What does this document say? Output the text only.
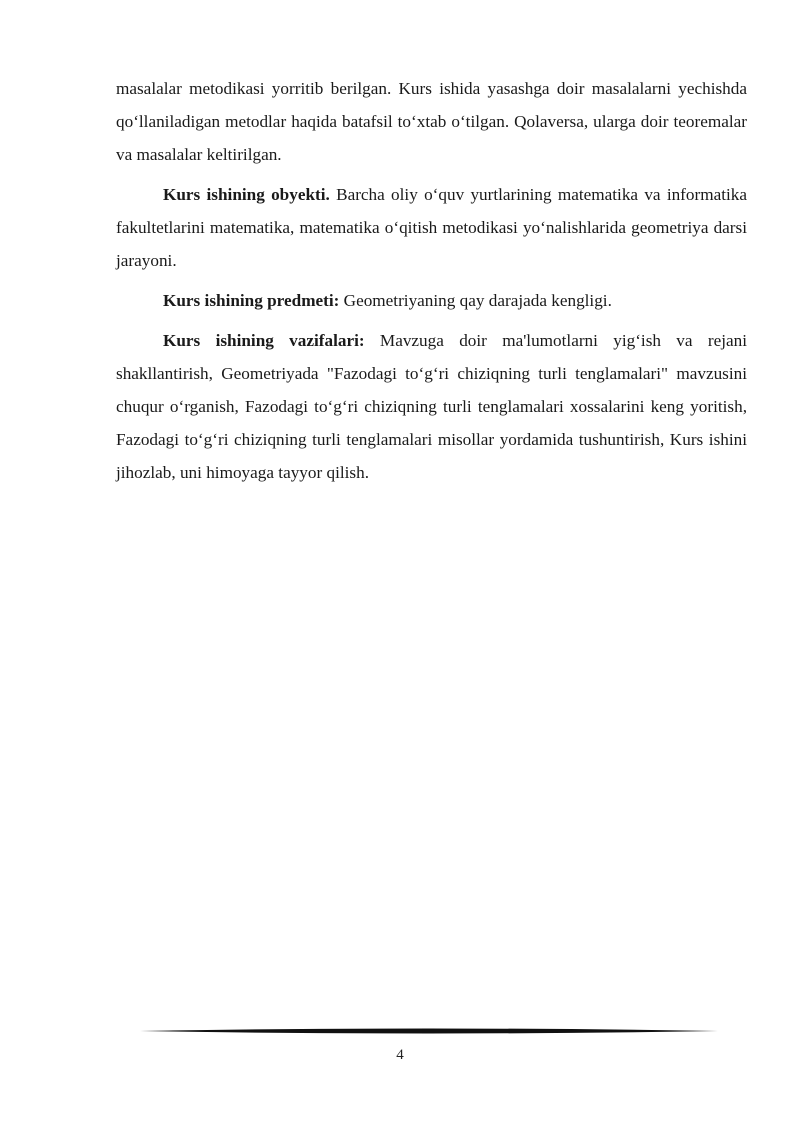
masalalar metodikasi yorritib berilgan. Kurs ishida yasashga doir masalalarni yechishda qo‘llaniladigan metodlar haqida batafsil to‘xtab o‘tilgan. Qolaversa, ularga doir teoremalar va masalalar keltirilgan.

Kurs ishining obyekti. Barcha oliy o‘quv yurtlarining matematika va informatika fakultetlarini matematika, matematika o‘qitish metodikasi yo‘nalishlarida geometriya darsi jarayoni.

Kurs ishining predmeti: Geometriyaning qay darajada kengligi.

Kurs ishining vazifalari: Mavzuga doir ma'lumotlarni yig‘ish va rejani shakllantirish, Geometriyada "Fazodagi to‘g‘ri chiziqning turli tenglamalari" mavzusini chuqur o‘rganish, Fazodagi to‘g‘ri chiziqning turli tenglamalari xossalarini keng yoritish, Fazodagi to‘g‘ri chiziqning turli tenglamalari misollar yordamida tushuntirish, Kurs ishini jihozlab, uni himoyaga tayyor qilish.

4
